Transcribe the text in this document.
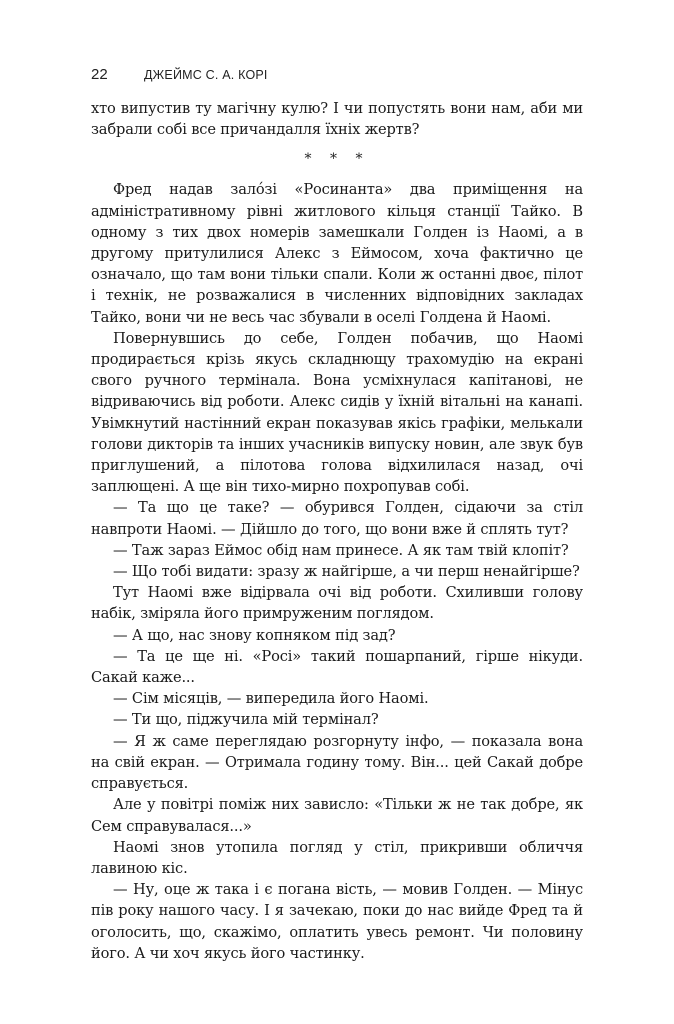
22	ДЖЕЙМС С. А. КОРІ

хто випустив ту магічну кулю? І чи попустять вони нам, аби ми забрали собі все причандалля їхніх жертв?

* * *

Фред надав залóзі «Росинанта» два приміщення на адміністративному рівні житлового кільця станції Тайко. В одному з тих двох номерів замешкали Голден із Наомі, а в другому притулилися Алекс з Еймосом, хоча фактично це означало, що там вони тільки спали. Коли ж останні двоє, пілот і технік, не розважалися в численних відповідних закладах Тайко, вони чи не весь час збували в оселі Голдена й Наомі.

Повернувшись до себе, Голден побачив, що Наомі продирається крізь якусь складнющу трахомудію на екрані свого ручного термінала. Вона усміхнулася капітанові, не відриваючись від роботи. Алекс сидів у їхній вітальні на канапі. Увімкнутий настінний екран показував якісь графіки, мелькали голови дикторів та інших учасників випуску новин, але звук був приглушений, а пілотова голова відхилилася назад, очі заплющені. А ще він тихо-мирно похропував собі.

— Та що це таке? — обурився Голден, сідаючи за стіл навпроти Наомі. — Дійшло до того, що вони вже й сплять тут?

— Таж зараз Еймос обід нам принесе. А як там твій клопіт?

— Що тобі видати: зразу ж найгірше, а чи перш ненайгірше?

Тут Наомі вже відірвала очі від роботи. Схиливши голову набік, зміряла його примруженим поглядом.

— А що, нас знову копняком під зад?

— Та це ще ні. «Росі» такий пошарпаний, гірше нікуди. Сакай каже...

— Сім місяців, — випередила його Наомі.

— Ти що, піджучила мій термінал?

— Я ж саме переглядаю розгорнуту інфо, — показала вона на свій екран. — Отримала годину тому. Він... цей Сакай добре справується.

Але у повітрі поміж них зависло: «Тільки ж не так добре, як Сем справувалася...»

Наомі знов утопила погляд у стіл, прикривши обличчя лавиною кіс.

— Ну, оце ж така і є погана вість, — мовив Голден. — Мінус пів року нашого часу. І я зачекаю, поки до нас вийде Фред та й оголосить, що, скажімо, оплатить увесь ремонт. Чи половину його. А чи хоч якусь його частинку.
